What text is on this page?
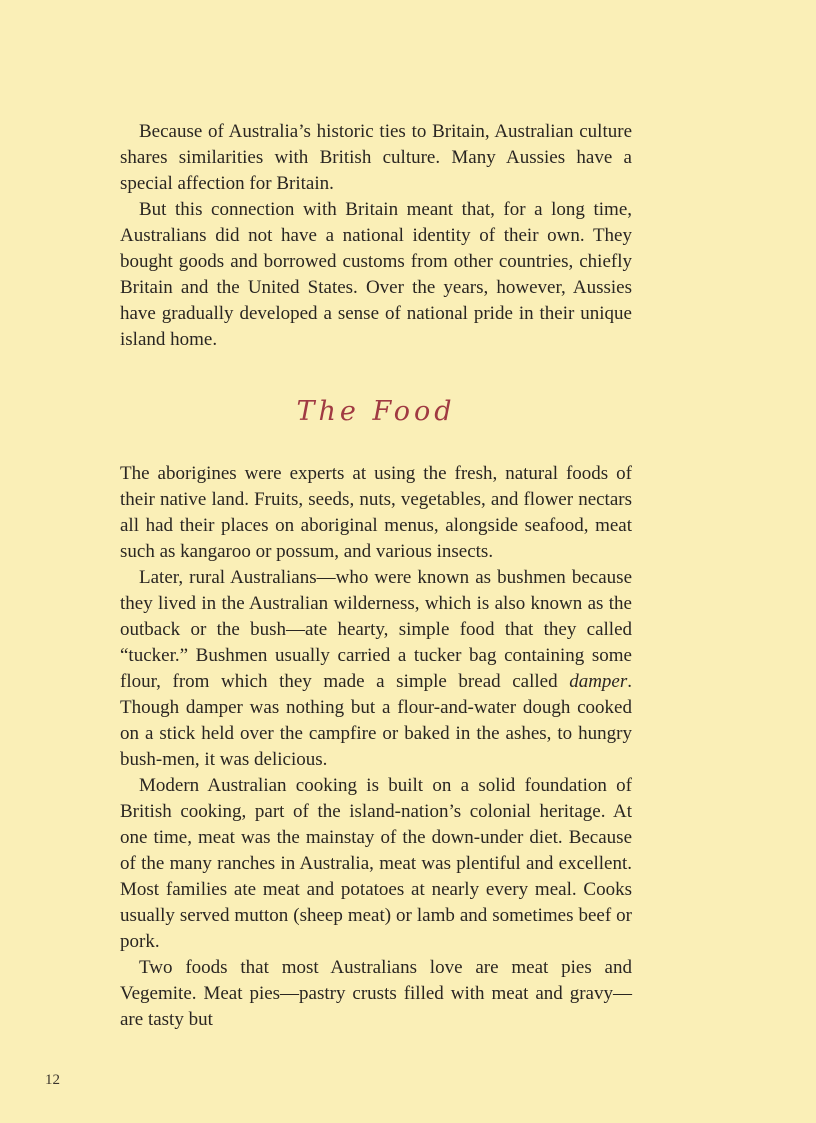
Because of Australia’s historic ties to Britain, Australian culture shares similarities with British culture. Many Aussies have a special affection for Britain.

But this connection with Britain meant that, for a long time, Australians did not have a national identity of their own. They bought goods and borrowed customs from other countries, chiefly Britain and the United States. Over the years, however, Aussies have gradually developed a sense of national pride in their unique island home.

The Food

The aborigines were experts at using the fresh, natural foods of their native land. Fruits, seeds, nuts, vegetables, and flower nectars all had their places on aboriginal menus, alongside seafood, meat such as kangaroo or possum, and various insects.

Later, rural Australians—who were known as bushmen because they lived in the Australian wilderness, which is also known as the outback or the bush—ate hearty, simple food that they called “tucker.” Bushmen usually carried a tucker bag containing some flour, from which they made a simple bread called damper. Though damper was nothing but a flour-and-water dough cooked on a stick held over the campfire or baked in the ashes, to hungry bush-men, it was delicious.

Modern Australian cooking is built on a solid foundation of British cooking, part of the island-nation’s colonial heritage. At one time, meat was the mainstay of the down-under diet. Because of the many ranches in Australia, meat was plentiful and excellent. Most families ate meat and potatoes at nearly every meal. Cooks usually served mutton (sheep meat) or lamb and sometimes beef or pork.

Two foods that most Australians love are meat pies and Vegemite. Meat pies—pastry crusts filled with meat and gravy—are tasty but

12
